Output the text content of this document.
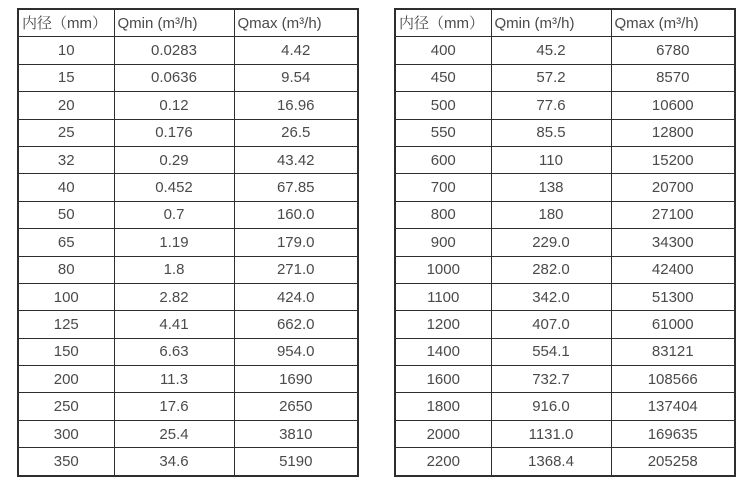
内径（mm）	Qmin (m³/h)	Qmax (m³/h)
10	0.0283	4.42
15	0.0636	9.54
20	0.12	16.96
25	0.176	26.5
32	0.29	43.42
40	0.452	67.85
50	0.7	160.0
65	1.19	179.0
80	1.8	271.0
100	2.82	424.0
125	4.41	662.0
150	6.63	954.0
200	11.3	1690
250	17.6	2650
300	25.4	3810
350	34.6	5190
内径（mm）	Qmin (m³/h)	Qmax (m³/h)
400	45.2	6780
450	57.2	8570
500	77.6	10600
550	85.5	12800
600	110	15200
700	138	20700
800	180	27100
900	229.0	34300
1000	282.0	42400
1100	342.0	51300
1200	407.0	61000
1400	554.1	83121
1600	732.7	108566
1800	916.0	137404
2000	1131.0	169635
2200	1368.4	205258
